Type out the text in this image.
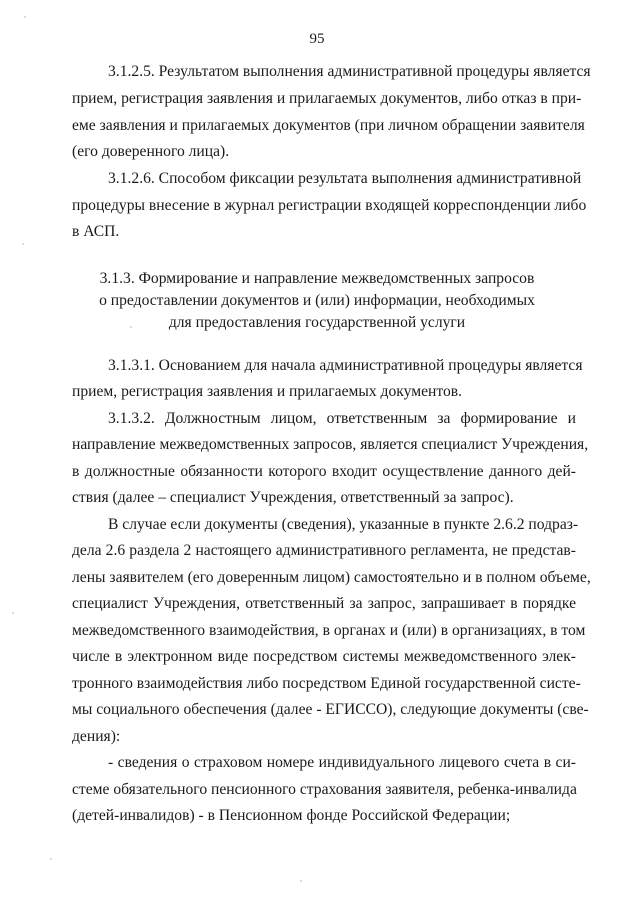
95
3.1.2.5. Результатом выполнения административной процедуры является
прием, регистрация заявления и прилагаемых документов, либо отказ в при-
еме заявления и прилагаемых документов (при личном обращении заявителя
(его доверенного лица).
3.1.2.6. Способом фиксации результата выполнения административной
процедуры внесение в журнал регистрации входящей корреспонденции либо
в АСП.
3.1.3. Формирование и направление межведомственных запросов
о предоставлении документов и (или) информации, необходимых
для предоставления государственной услуги
3.1.3.1. Основанием для начала административной процедуры является
прием, регистрация заявления и прилагаемых документов.
3.1.3.2. Должностным лицом, ответственным за формирование и
направление межведомственных запросов, является специалист Учреждения,
в должностные обязанности которого входит осуществление данного дей-
ствия (далее – специалист Учреждения, ответственный за запрос).
В случае если документы (сведения), указанные в пункте 2.6.2 подраз-
дела 2.6 раздела 2 настоящего административного регламента, не представ-
лены заявителем (его доверенным лицом) самостоятельно и в полном объеме,
специалист Учреждения, ответственный за запрос, запрашивает в порядке
межведомственного взаимодействия, в органах и (или) в организациях, в том
числе в электронном виде посредством системы межведомственного элек-
тронного взаимодействия либо посредством Единой государственной систе-
мы социального обеспечения (далее - ЕГИССО), следующие документы (све-
дения):
- сведения о страховом номере индивидуального лицевого счета в си-
стеме обязательного пенсионного страхования заявителя, ребенка-инвалида
(детей-инвалидов) - в Пенсионном фонде Российской Федерации;
